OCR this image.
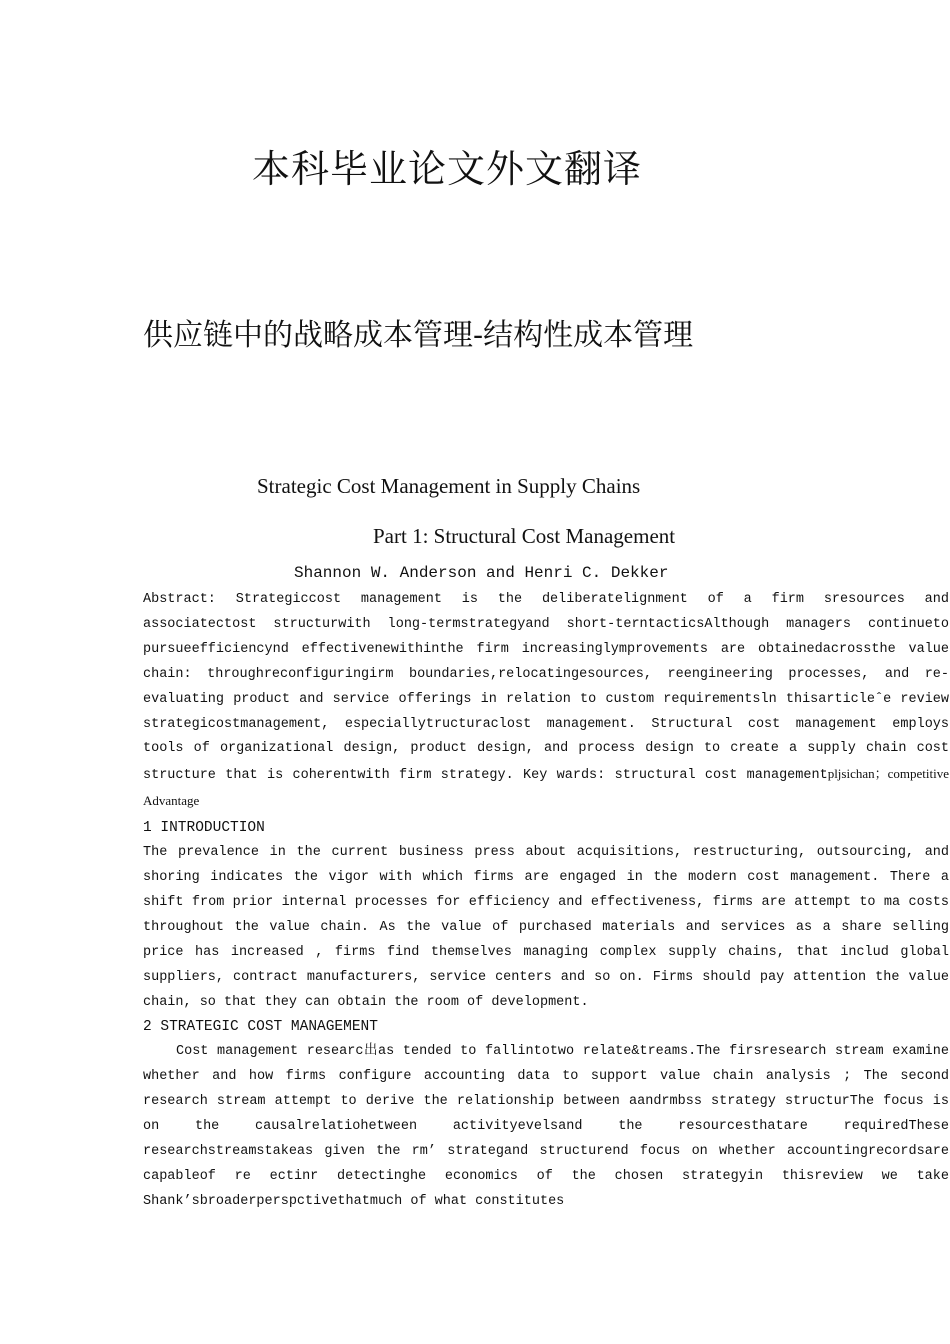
本科毕业论文外文翻译
供应链中的战略成本管理-结构性成本管理
Strategic Cost Management in Supply Chains
Part 1: Structural Cost Management
Shannon W. Anderson and Henri C. Dekker

Abstract: Strategiccost management is the deliberatelignment of a firm sresources and associatectost structurwith long-termstrategyand short-terntacticsAlthough managers continueto pursueefficiencynd effectivenewithinthe firm increasinglymprovements are obtainedacrossthe value chain: throughreconfiguringirm boundaries,relocatingesources, reengineering processes, and re-evaluating product and service offerings in relation to custom requirementsln thisarticleˆe review strategicostmanagement, especiallytructuraclost management. Structural cost management employs tools of organizational design, product design, and process design to create a supply chain cost structure that is coherentwith firm strategy. Key wards: structural cost managementpljsichan；competitive Advantage

1 INTRODUCTION

The prevalence in the current business press about acquisitions, restructuring, outsourcing, and shoring indicates the vigor with which firms are engaged in the modern cost management. There a shift from prior internal processes for efficiency and effectiveness, firms are attempt to ma costs throughout the value chain. As the value of purchased materials and services as a share selling price has increased , firms find themselves managing complex supply chains, that includ global suppliers, contract manufacturers, service centers and so on. Firms should pay attention the value chain, so that they can obtain the room of development.

2 STRATEGIC COST MANAGEMENT

Cost management researc出as tended to fallintotwo relate&treams.The firsresearch stream examine whether and how firms configure accounting data to support value chain analysis ; The second research stream attempt to derive the relationship between aandrmbss strategy structurThe focus is on the causalrelatiohetween activityevelsand the resourcesthatare requiredThese researchstreamstakeas given the rm’ strategand structurend focus on whether accountingrecordsare capableof re ectinr detectinghe economics of the chosen strategyin thisreview we take Shank’sbroaderperspctivethatmuch of what constitutes
